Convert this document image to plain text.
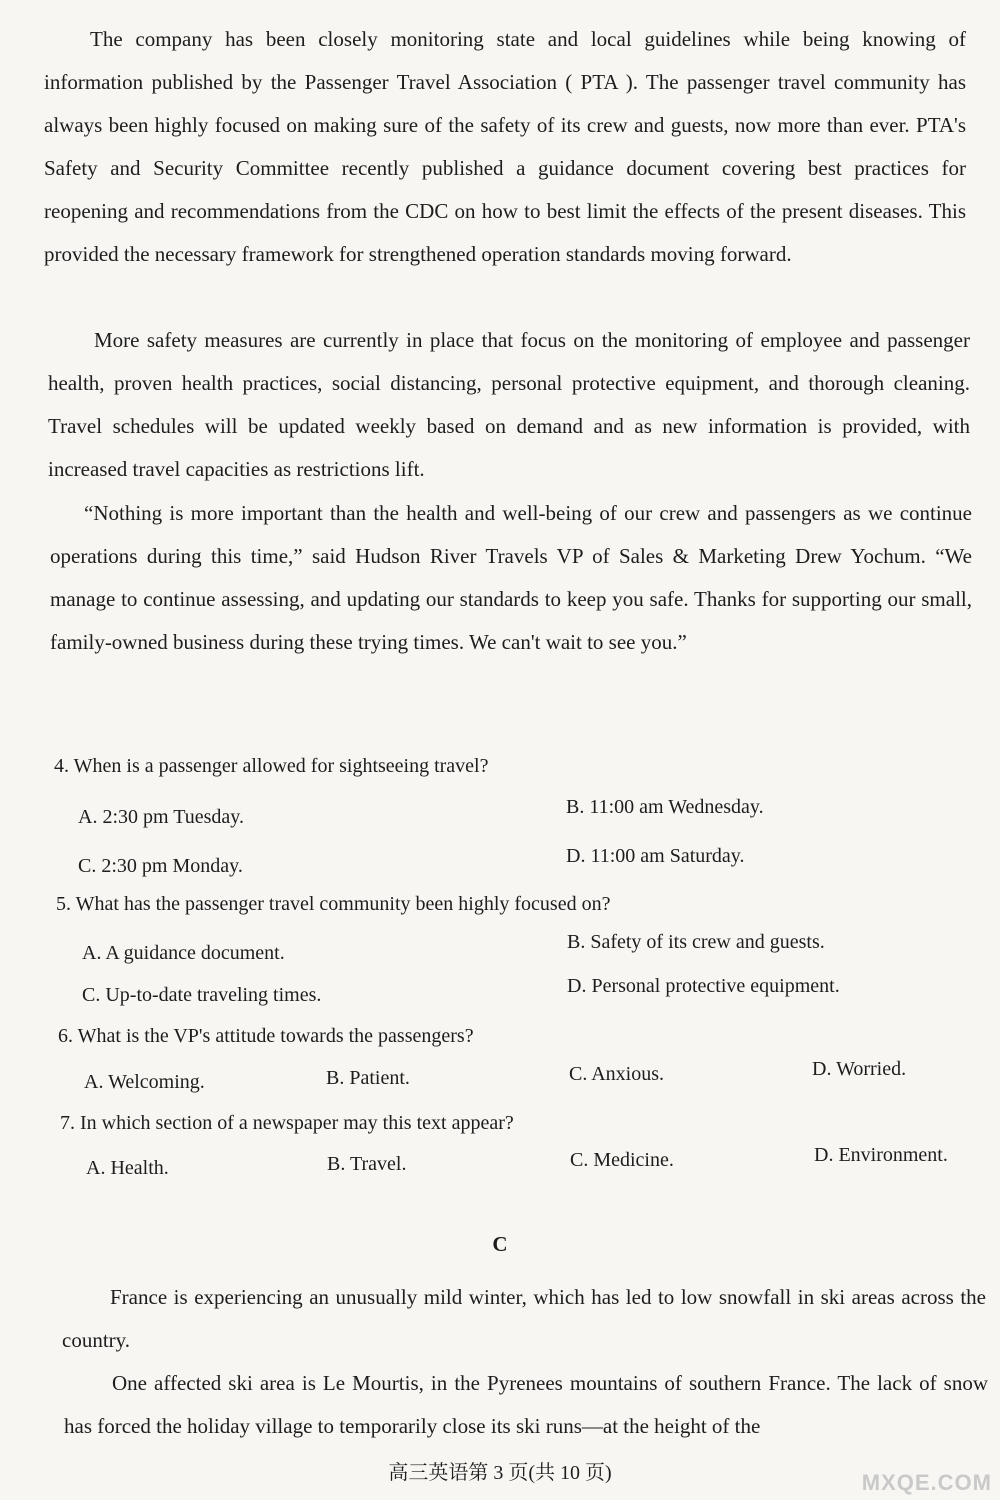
The company has been closely monitoring state and local guidelines while being knowing of information published by the Passenger Travel Association ( PTA ). The passenger travel community has always been highly focused on making sure of the safety of its crew and guests, now more than ever. PTA's Safety and Security Committee recently published a guidance document covering best practices for reopening and recommendations from the CDC on how to best limit the effects of the present diseases. This provided the necessary framework for strengthened operation standards moving forward.

More safety measures are currently in place that focus on the monitoring of employee and passenger health, proven health practices, social distancing, personal protective equipment, and thorough cleaning. Travel schedules will be updated weekly based on demand and as new information is provided, with increased travel capacities as restrictions lift.

“Nothing is more important than the health and well-being of our crew and passengers as we continue operations during this time,” said Hudson River Travels VP of Sales & Marketing Drew Yochum. “We manage to continue assessing, and updating our standards to keep you safe. Thanks for supporting our small, family-owned business during these trying times. We can't wait to see you.”

4. When is a passenger allowed for sightseeing travel?
A. 2:30 pm Tuesday.	B. 11:00 am Wednesday.
C. 2:30 pm Monday.	D. 11:00 am Saturday.
5. What has the passenger travel community been highly focused on?
A. A guidance document.	B. Safety of its crew and guests.
C. Up-to-date traveling times.	D. Personal protective equipment.
6. What is the VP's attitude towards the passengers?
A. Welcoming.	B. Patient.	C. Anxious.	D. Worried.
7. In which section of a newspaper may this text appear?
A. Health.	B. Travel.	C. Medicine.	D. Environment.
C

France is experiencing an unusually mild winter, which has led to low snowfall in ski areas across the country.

One affected ski area is Le Mourtis, in the Pyrenees mountains of southern France. The lack of snow has forced the holiday village to temporarily close its ski runs—at the height of the

高三英语第 3 页(共 10 页)	MXQE.COM
